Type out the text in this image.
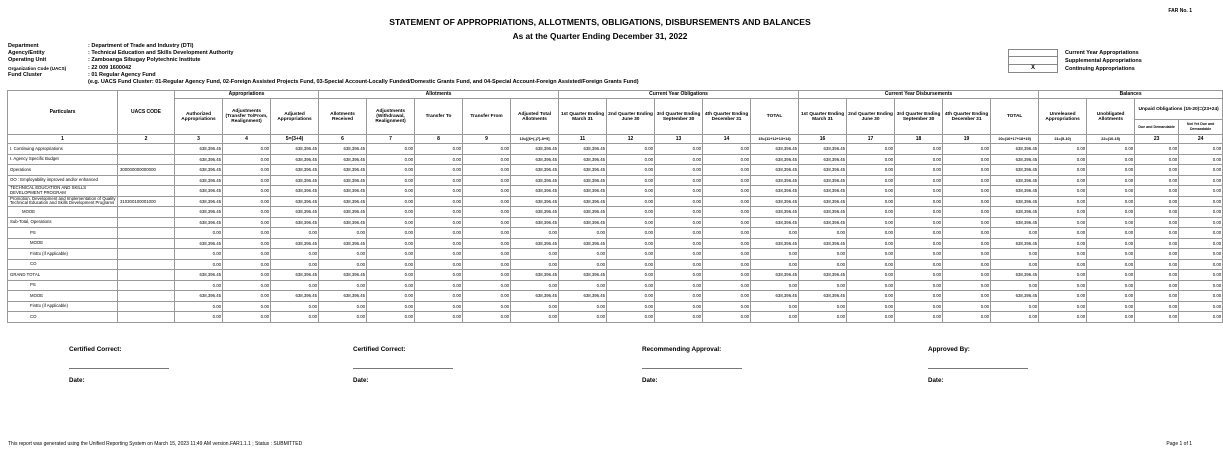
FAR No. 1
STATEMENT OF APPROPRIATIONS, ALLOTMENTS, OBLIGATIONS, DISBURSEMENTS AND BALANCES
As at the Quarter Ending December 31, 2022
Department	: Department of Trade and Industry (DTI)
Agency/Entity	: Technical Education and Skills Development Authority
Operating Unit	: Zamboanga Sibugay Polytechnic Institute
Organization Code (UACS)	: 22 009 1600042
Fund Cluster	: 01 Regular Agency Fund
(e.g. UACS Fund Cluster: 01-Regular Agency Fund, 02-Foreign Assisted Projects Fund, 03-Special Account-Locally Funded/Domestic Grants Fund, and 04-Special Account-Foreign Assisted/Foreign Grants Fund)
Current Year Appropriations
Supplemental Appropriations
X	Continuing Appropriations
Particulars	UACS CODE	Appropriations			Allotments					Current Year Obligations					Current Year Disbursements					Balances			
		Authorized Appropriations	Adjustments (Transfer To/From, Realignment)	Adjusted Appropriations	Allotments Received	Adjustments (Withdrawal, Realignment)	Transfer To	Transfer From	Adjusted Total Allotments	1st Quarter Ending March 31	2nd Quarter Ending June 30	3rd Quarter Ending September 30	4th Quarter Ending December 31	TOTAL	1st Quarter Ending March 31	2nd Quarter Ending June 30	3rd Quarter Ending September 30	4th Quarter Ending December 31	TOTAL	Unreleased Appropriations	Unobligated Allotments	Unpaid Obligations (15-20)=(23+24)	
																						Due and Demandable	Not Yet Due and Demandable
1	2	3	4	5=(3+4)	6	7	8	9	10=[{6+(-)7}-8+9]	11	12	13	14	15=(11+12+13+14)	16	17	18	19	20=(16+17+18+19)	21=(5-10)	22=(10-15)	23	24
I. Continuing Appropriations		638,396.45	0.00	638,396.45	638,396.45	0.00	0.00	0.00	638,396.45	638,396.45	0.00	0.00	0.00	638,396.45	638,396.45	0.00	0.00	0.00	638,396.45	0.00	0.00	0.00	0.00
I. Agency Specific Budget		638,396.45	0.00	638,396.45	638,396.45	0.00	0.00	0.00	638,396.45	638,396.45	0.00	0.00	0.00	638,396.45	638,396.45	0.00	0.00	0.00	638,396.45	0.00	0.00	0.00	0.00
Operations	300000000000000	638,396.45	0.00	638,396.45	638,396.45	0.00	0.00	0.00	638,396.45	638,396.45	0.00	0.00	0.00	638,396.45	638,396.45	0.00	0.00	0.00	638,396.45	0.00	0.00	0.00	0.00
OO : Employability improved and/or enhanced		638,396.45	0.00	638,396.45	638,396.45	0.00	0.00	0.00	638,396.45	638,396.45	0.00	0.00	0.00	638,396.45	638,396.45	0.00	0.00	0.00	638,396.45	0.00	0.00	0.00	0.00
TECHNICAL EDUCATION AND SKILLS DEVELOPMENT PROGRAM		638,396.45	0.00	638,396.45	638,396.45	0.00	0.00	0.00	638,396.45	638,396.45	0.00	0.00	0.00	638,396.45	638,396.45	0.00	0.00	0.00	638,396.45	0.00	0.00	0.00	0.00
Promotion, Development and Implementation of Quality Technical Education and Skills Development Programs	310300100001000	638,396.45	0.00	638,396.45	638,396.45	0.00	0.00	0.00	638,396.45	638,396.45	0.00	0.00	0.00	638,396.45	638,396.45	0.00	0.00	0.00	638,396.45	0.00	0.00	0.00	0.00
MOOE		638,396.45	0.00	638,396.45	638,396.45	0.00	0.00	0.00	638,396.45	638,396.45	0.00	0.00	0.00	638,396.45	638,396.45	0.00	0.00	0.00	638,396.45	0.00	0.00	0.00	0.00
Sub-Total, Operations		638,396.45	0.00	638,396.45	638,396.45	0.00	0.00	0.00	638,396.45	638,396.45	0.00	0.00	0.00	638,396.45	638,396.45	0.00	0.00	0.00	638,396.45	0.00	0.00	0.00	0.00
PS		0.00	0.00	0.00	0.00	0.00	0.00	0.00	0.00	0.00	0.00	0.00	0.00	0.00	0.00	0.00	0.00	0.00	0.00	0.00	0.00	0.00	0.00
MOOE		638,396.45	0.00	638,396.45	638,396.45	0.00	0.00	0.00	638,396.45	638,396.45	0.00	0.00	0.00	638,396.45	638,396.45	0.00	0.00	0.00	638,396.45	0.00	0.00	0.00	0.00
FinEx (if Applicable)		0.00	0.00	0.00	0.00	0.00	0.00	0.00	0.00	0.00	0.00	0.00	0.00	0.00	0.00	0.00	0.00	0.00	0.00	0.00	0.00	0.00	0.00
CO		0.00	0.00	0.00	0.00	0.00	0.00	0.00	0.00	0.00	0.00	0.00	0.00	0.00	0.00	0.00	0.00	0.00	0.00	0.00	0.00	0.00	0.00
GRAND TOTAL		638,396.45	0.00	638,396.45	638,396.45	0.00	0.00	0.00	638,396.45	638,396.45	0.00	0.00	0.00	638,396.45	638,396.45	0.00	0.00	0.00	638,396.45	0.00	0.00	0.00	0.00
PS		0.00	0.00	0.00	0.00	0.00	0.00	0.00	0.00	0.00	0.00	0.00	0.00	0.00	0.00	0.00	0.00	0.00	0.00	0.00	0.00	0.00	0.00
MOOE		638,396.45	0.00	638,396.45	638,396.45	0.00	0.00	0.00	638,396.45	638,396.45	0.00	0.00	0.00	638,396.45	638,396.45	0.00	0.00	0.00	638,396.45	0.00	0.00	0.00	0.00
FinEx (if Applicable)		0.00	0.00	0.00	0.00	0.00	0.00	0.00	0.00	0.00	0.00	0.00	0.00	0.00	0.00	0.00	0.00	0.00	0.00	0.00	0.00	0.00	0.00
CO		0.00	0.00	0.00	0.00	0.00	0.00	0.00	0.00	0.00	0.00	0.00	0.00	0.00	0.00	0.00	0.00	0.00	0.00	0.00	0.00	0.00	0.00
Certified Correct:	Certified Correct:	Recommending Approval:	Approved By:
Date:	Date:	Date:	Date:
This report was generated using the Unified Reporting System on March 15, 2023 11:49 AM version.FAR1.1.1 ; Status : SUBMITTED	Page 1 of 1
